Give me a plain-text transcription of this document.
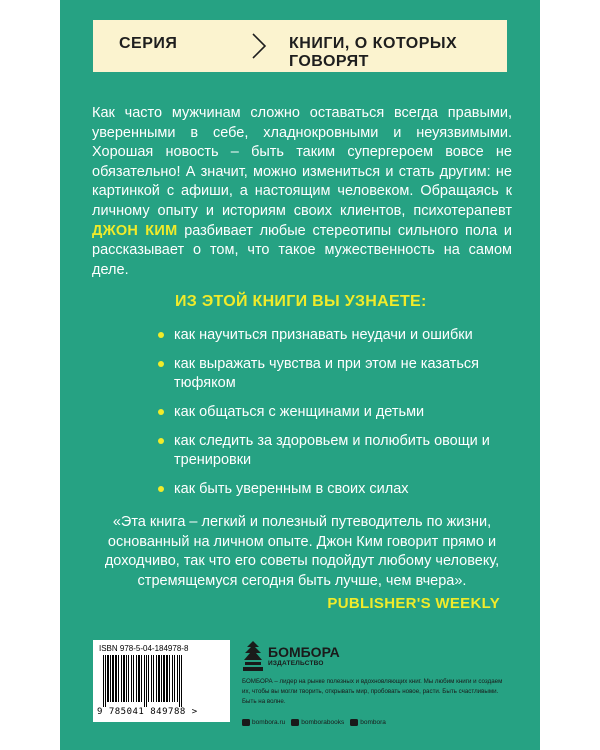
СЕРИЯ	КНИГИ, О КОТОРЫХ ГОВОРЯТ

Как часто мужчинам сложно оставаться всегда правыми, уверенными в себе, хладнокровными и неуязвимыми. Хорошая новость – быть таким супергероем вовсе не обязательно! А значит, можно измениться и стать другим: не картинкой с афиши, а настоящим человеком. Обращаясь к личному опыту и историям своих клиентов, психотерапевт ДЖОН КИМ разбивает любые стереотипы сильного пола и рассказывает о том, что такое мужественность на самом деле.

ИЗ ЭТОЙ КНИГИ ВЫ УЗНАЕТЕ:
как научиться признавать неудачи и ошибки
как выражать чувства и при этом не казаться тюфяком
как общаться с женщинами и детьми
как следить за здоровьем и полюбить овощи и тренировки
как быть уверенным в своих силах

«Эта книга – легкий и полезный путеводитель по жизни, основанный на личном опыте. Джон Ким говорит прямо и доходчиво, так что его советы подойдут любому человеку, стремящемуся сегодня быть лучше, чем вчера».

PUBLISHER'S WEEKLY
ISBN 978-5-04-184978-8
9 785041 849788 >
БОМБОРА
ИЗДАТЕЛЬСТВО
БОМБОРА – лидер на рынке полезных и вдохновляющих книг. Мы любим книги и создаем их, чтобы вы могли творить, открывать мир, пробовать новое, расти. Быть счастливыми. Быть на волне.
bombora.ru bomborabooks bombora
